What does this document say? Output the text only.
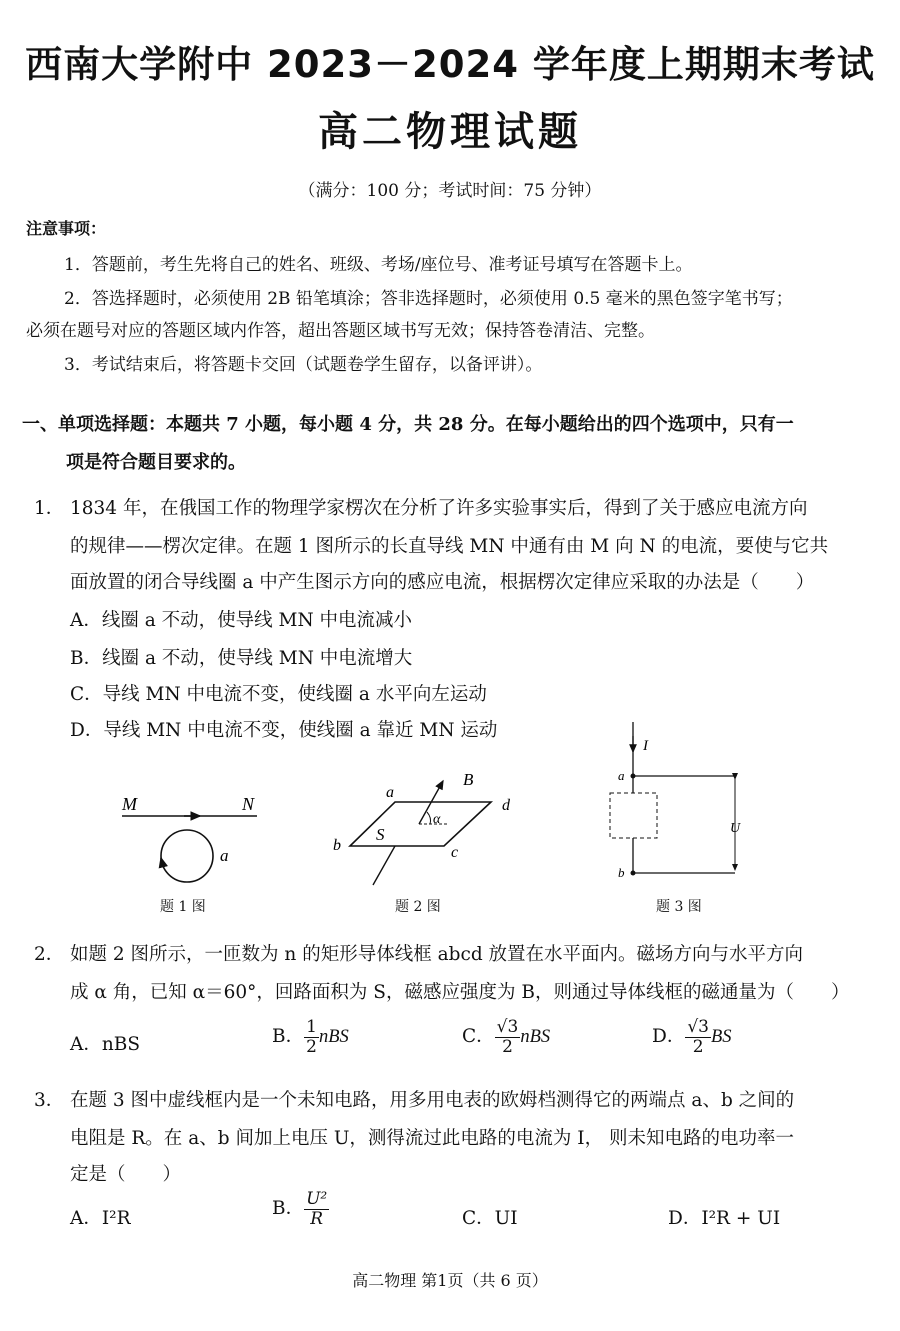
西南大学附中 2023－2024 学年度上期期末考试
高二物理试题
（满分：100 分；考试时间：75 分钟）
注意事项：
1．答题前，考生先将自己的姓名、班级、考场/座位号、准考证号填写在答题卡上。
2．答选择题时，必须使用 2B 铅笔填涂；答非选择题时，必须使用 0.5 毫米的黑色签字笔书写；
必须在题号对应的答题区域内作答，超出答题区域书写无效；保持答卷清洁、完整。
3．考试结束后，将答题卡交回（试题卷学生留存，以备评讲）。
一、单项选择题：本题共 7 小题，每小题 4 分，共 28 分。在每小题给出的四个选项中，只有一
项是符合题目要求的。
1． 1834 年，在俄国工作的物理学家楞次在分析了许多实验事实后，得到了关于感应电流方向
的规律——楞次定律。在题 1 图所示的长直导线 MN 中通有由 M 向 N 的电流，要使与它共
面放置的闭合导线圈 a 中产生图示方向的感应电流，根据楞次定律应采取的办法是（　　）
A．线圈 a 不动，使导线 MN 中电流减小
B．线圈 a 不动，使导线 MN 中电流增大
C．导线 MN 中电流不变，使线圈 a 水平向左运动
D．导线 MN 中电流不变，使线圈 a 靠近 MN 运动
M	N
a
a
b	c
d
B
S
α
I
a
b
U
题 1 图	题 2 图	题 3 图
2． 如题 2 图所示，一匝数为 n 的矩形导体线框 abcd 放置在水平面内。磁场方向与水平方向
成 α 角，已知 α＝60°，回路面积为 S，磁感应强度为 B，则通过导体线框的磁通量为（　　）
A．nBS	B． $\frac{1}{2}$ nBS	C． $\frac{√3}{2}$ nBS	D． $\frac{√3}{2}$ BS
3． 在题 3 图中虚线框内是一个未知电路，用多用电表的欧姆档测得它的两端点 a、b 之间的
电阻是 R。在 a、b 间加上电压 U，测得流过此电路的电流为 I， 则未知电路的电功率一
定是（　　）
A．I²R	B． $\frac{\text{U²}}{R}$	C．UI	D．I²R + UI
高二物理 第1页（共 6 页）
